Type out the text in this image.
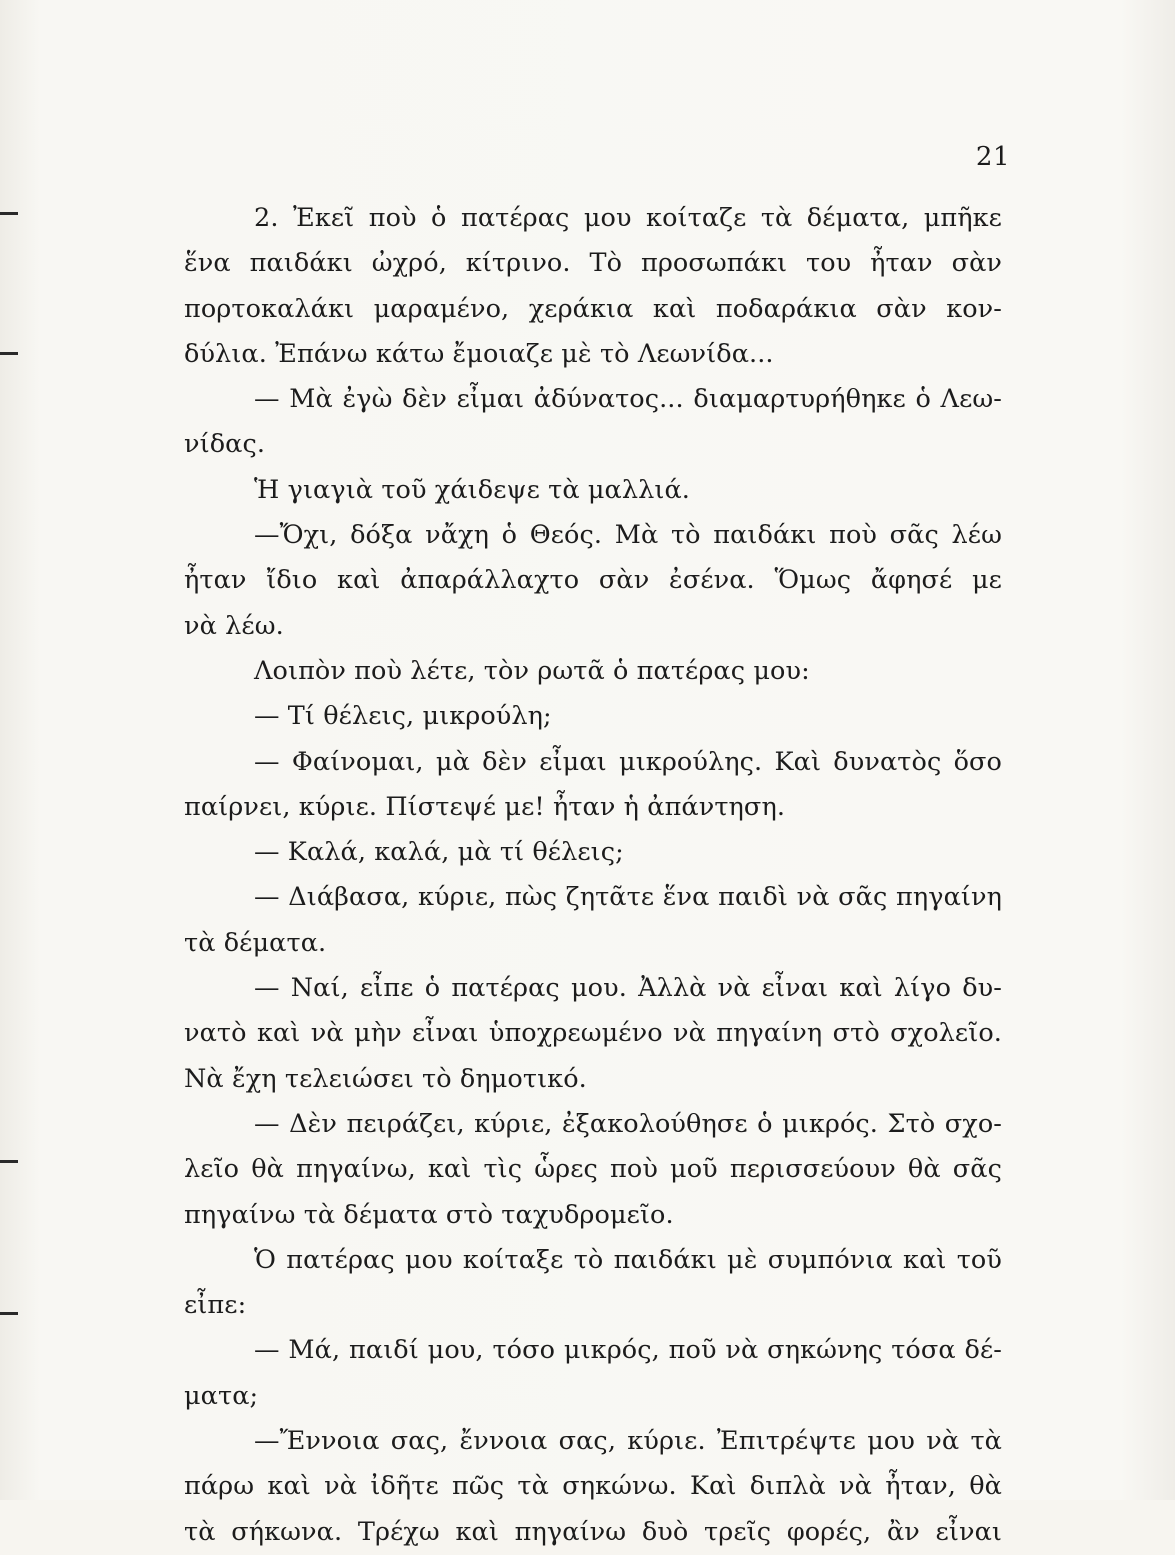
21
2. Ἐκεῖ ποὺ ὁ πατέρας μου κοίταζε τὰ δέματα, μπῆκε
ἕνα παιδάκι ὠχρό, κίτρινο. Τὸ προσωπάκι του ἦταν σὰν
πορτοκαλάκι μαραμένο, χεράκια καὶ ποδαράκια σὰν κον-
δύλια. Ἐπάνω κάτω ἔμοιαζε μὲ τὸ Λεωνίδα...
— Μὰ ἐγὼ δὲν εἶμαι ἀδύνατος... διαμαρτυρήθηκε ὁ Λεω-
νίδας.
Ἡ γιαγιὰ τοῦ χάιδεψε τὰ μαλλιά.
—Ὄχι, δόξα νἄχη ὁ Θεός. Μὰ τὸ παιδάκι ποὺ σᾶς λέω
ἦταν ἴδιο καὶ ἀπαράλλαχτο σὰν ἐσένα. Ὅμως ἄφησέ με
νὰ λέω.
Λοιπὸν ποὺ λέτε, τὸν ρωτᾶ ὁ πατέρας μου:
— Τί θέλεις, μικρούλη;
— Φαίνομαι, μὰ δὲν εἶμαι μικρούλης. Καὶ δυνατὸς ὅσο
παίρνει, κύριε. Πίστεψέ με! ἦταν ἡ ἀπάντηση.
— Καλά, καλά, μὰ τί θέλεις;
— Διάβασα, κύριε, πὼς ζητᾶτε ἕνα παιδὶ νὰ σᾶς πηγαίνη
τὰ δέματα.
— Ναί, εἶπε ὁ πατέρας μου. Ἀλλὰ νὰ εἶναι καὶ λίγο δυ-
νατὸ καὶ νὰ μὴν εἶναι ὑποχρεωμένο νὰ πηγαίνη στὸ σχολεῖο.
Νὰ ἔχη τελειώσει τὸ δημοτικό.
— Δὲν πειράζει, κύριε, ἐξακολούθησε ὁ μικρός. Στὸ σχο-
λεῖο θὰ πηγαίνω, καὶ τὶς ὧρες ποὺ μοῦ περισσεύουν θὰ σᾶς
πηγαίνω τὰ δέματα στὸ ταχυδρομεῖο.
Ὁ πατέρας μου κοίταξε τὸ παιδάκι μὲ συμπόνια καὶ τοῦ
εἶπε:
— Μά, παιδί μου, τόσο μικρός, ποῦ νὰ σηκώνης τόσα δέ-
ματα;
—Ἔννοια σας, ἔννοια σας, κύριε. Ἐπιτρέψτε μου νὰ τὰ
πάρω καὶ νὰ ἰδῆτε πῶς τὰ σηκώνω. Καὶ διπλὰ νὰ ἦταν, θὰ
τὰ σήκωνα. Τρέχω καὶ πηγαίνω δυὸ τρεῖς φορές, ἂν εἶναι
